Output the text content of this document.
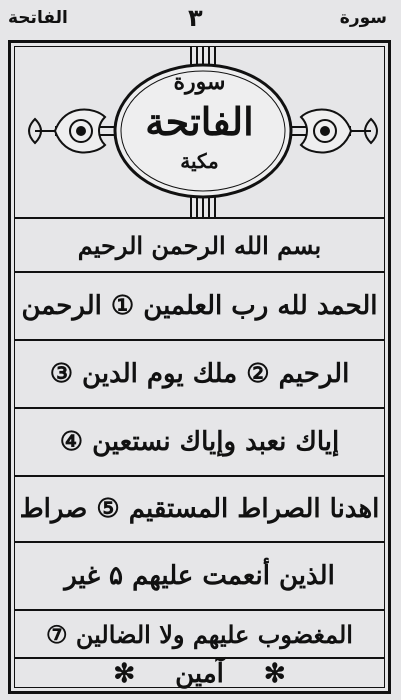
الفاتحة	٣	سورة
سورة
الفاتحة
مكية
بسم الله الرحمن الرحيم
الحمد لله رب العلمين ① الرحمن
الرحيم ② ملك يوم الدين ③
إياك نعبد وإياك نستعين ④
اهدنا الصراط المستقيم ⑤ صراط
الذين أنعمت عليهم ۵ غير
المغضوب عليهم ولا الضالين ⑦
✻
آمين
✻
